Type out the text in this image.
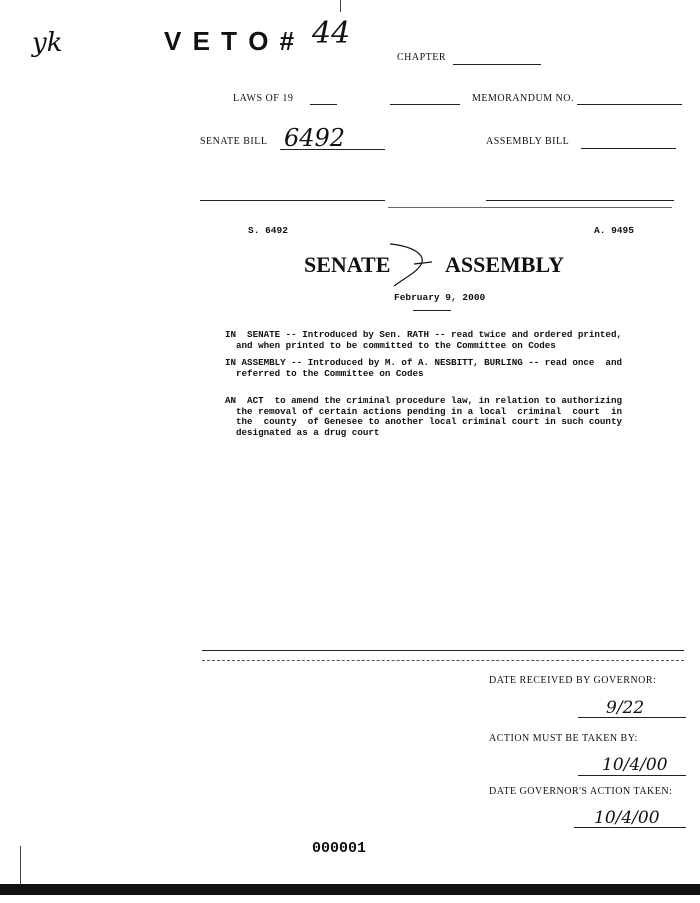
yk	V E T O # 44
CHAPTER
LAWS OF 19	MEMORANDUM NO.
SENATE BILL 6492	ASSEMBLY BILL
S. 6492	A. 9495
SENATE ASSEMBLY
February 9, 2000
IN  SENATE -- Introduced by Sen. RATH -- read twice and ordered printed,
and when printed to be committed to the Committee on Codes
IN ASSEMBLY -- Introduced by M. of A. NESBITT, BURLING -- read once  and
referred to the Committee on Codes
AN  ACT  to amend the criminal procedure law, in relation to authorizing
the removal of certain actions pending in a local  criminal  court  in
the  county  of Genesee to another local criminal court in such county
designated as a drug court
DATE RECEIVED BY GOVERNOR:
9/22
ACTION MUST BE TAKEN BY:
10/4/00
DATE GOVERNOR'S ACTION TAKEN:
10/4/00
000001
